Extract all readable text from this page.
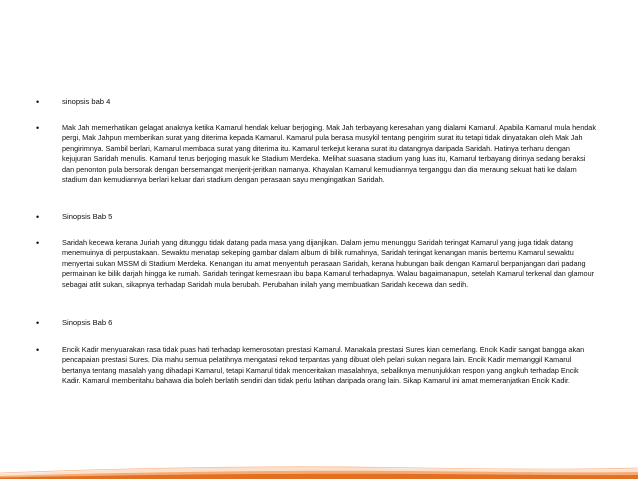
•	sinopsis bab 4
•	Mak Jah memerhatikan gelagat anaknya ketika Kamarul hendak keluar berjoging. Mak Jah terbayang keresahan yang dialami Kamarul. Apabila Kamarul mula hendak pergi, Mak Jahpun memberikan surat yang diterima kepada Kamarul. Kamarul pula berasa musykil tentang pengirim surat itu tetapi tidak dinyatakan oleh Mak Jah pengirimnya. Sambil berlari, Kamarul membaca surat yang diterima itu. Kamarul terkejut kerana surat itu datangnya daripada Saridah. Hatinya terharu dengan kejujuran Saridah menulis. Kamarul terus berjoging masuk ke Stadium Merdeka. Melihat suasana stadium yang luas itu, Kamarul terbayang dirinya sedang beraksi dan penonton pula bersorak dengan bersemangat menjerit-jeritkan namanya. Khayalan Kamarul kemudiannya terganggu dan dia meraung sekuat hati ke dalam stadium dan kemudiannya berlari keluar dari stadium dengan perasaan sayu mengingatkan Saridah.
•	Sinopsis Bab 5
•	Saridah kecewa kerana Juriah yang ditunggu tidak datang pada masa yang dijanjikan. Dalam jemu menunggu Saridah teringat Kamarul yang juga tidak datang menemuinya di perpustakaan. Sewaktu menatap sekeping gambar dalam album di bilik rumahnya, Saridah teringat kenangan manis bertemu Kamarul sewaktu menyertai sukan MSSM di Stadium Merdeka. Kenangan itu amat menyentuh perasaan Saridah, kerana hubungan baik dengan Kamarul berpanjangan dari padang permainan ke bilik darjah hingga ke rumah. Saridah teringat kemesraan ibu bapa Kamarul terhadapnya. Walau bagaimanapun, setelah Kamarul terkenal dan glamour sebagai atlit sukan, sikapnya terhadap Saridah mula berubah. Perubahan inilah yang membuatkan Saridah kecewa dan sedih.
•	Sinopsis Bab 6
•	Encik Kadir menyuarakan rasa tidak puas hati terhadap kemerosotan prestasi Kamarul. Manakala prestasi Sures kian cemerlang. Encik Kadir sangat bangga akan pencapaian prestasi Sures. Dia mahu semua pelatihnya mengatasi rekod terpantas yang dibuat oleh pelari sukan negara lain. Encik Kadir memanggil Kamarul bertanya tentang masalah yang dihadapi Kamarul, tetapi Kamarul tidak menceritakan masalahnya, sebaliknya menunjukkan respon yang angkuh terhadap Encik Kadir. Kamarul memberitahu bahawa dia boleh berlatih sendiri dan tidak perlu latihan daripada orang lain. Sikap Kamarul ini amat memeranjatkan Encik Kadir.
